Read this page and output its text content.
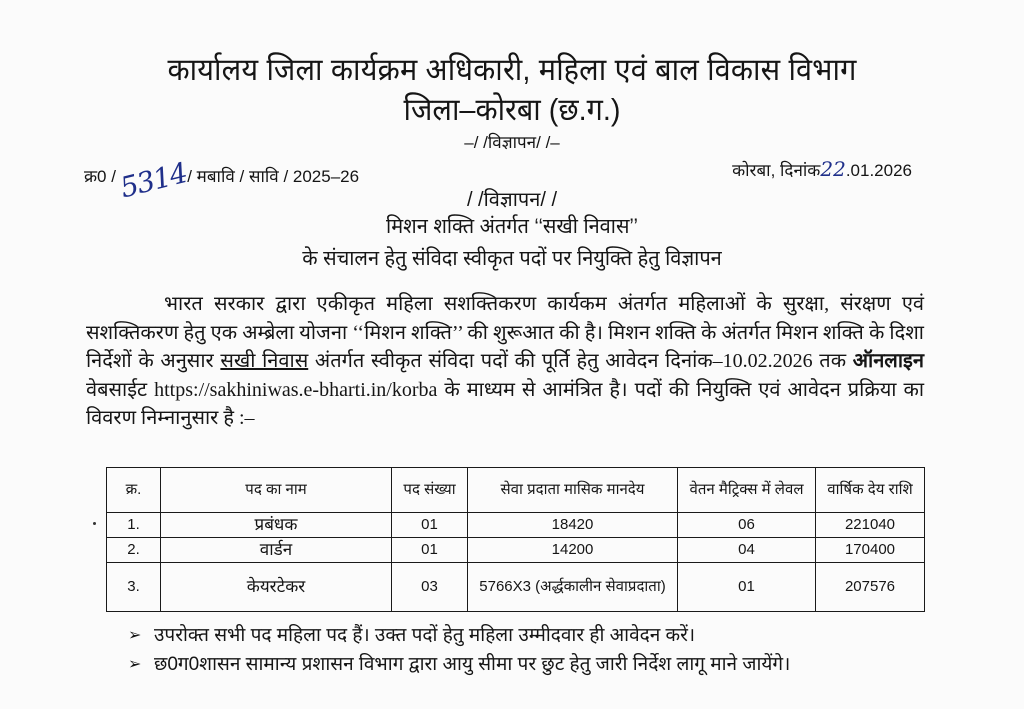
कार्यालय जिला कार्यक्रम अधिकारी, महिला एवं बाल विकास विभाग
जिला–कोरबा (छ.ग.)
–/ /विज्ञापन/ /–
क्र0 /5314/ मबावि / सावि / 2025–26	कोरबा, दिनांक22.01.2026
/ /विज्ञापन/ /
मिशन शक्ति अंतर्गत ‘‘सखी निवास’’
के संचालन हेतु संविदा स्वीकृत पदों पर नियुक्ति हेतु विज्ञापन
भारत सरकार द्वारा एकीकृत महिला सशक्तिकरण कार्यकम अंतर्गत महिलाओं के सुरक्षा, संरक्षण एवं सशक्तिकरण हेतु एक अम्ब्रेला योजना ‘‘मिशन शक्ति’’ की शुरूआत की है। मिशन शक्ति के अंतर्गत मिशन शक्ति के दिशा निर्देशों के अनुसार सखी निवास अंतर्गत स्वीकृत संविदा पदों की पूर्ति हेतु आवेदन दिनांक–10.02.2026 तक ऑनलाइन वेबसाईट https://sakhiniwas.e-bharti.in/korba के माध्यम से आमंत्रित है। पदों की नियुक्ति एवं आवेदन प्रक्रिया का विवरण निम्नानुसार है :–
क्र.	पद का नाम	पद संख्या	सेवा प्रदाता मासिक मानदेय	वेतन मैट्रिक्स में लेवल	वार्षिक देय राशि
1.	प्रबंधक	01	18420	06	221040
2.	वार्डन	01	14200	04	170400
3.	केयरटेकर	03	5766X3 (अर्द्धकालीन सेवाप्रदाता)	01	207576
➢ उपरोक्त सभी पद महिला पद हैं। उक्त पदों हेतु महिला उम्मीदवार ही आवेदन करें।
➢ छ0ग0शासन सामान्य प्रशासन विभाग द्वारा आयु सीमा पर छुट हेतु जारी निर्देश लागू माने जायेंगे।
